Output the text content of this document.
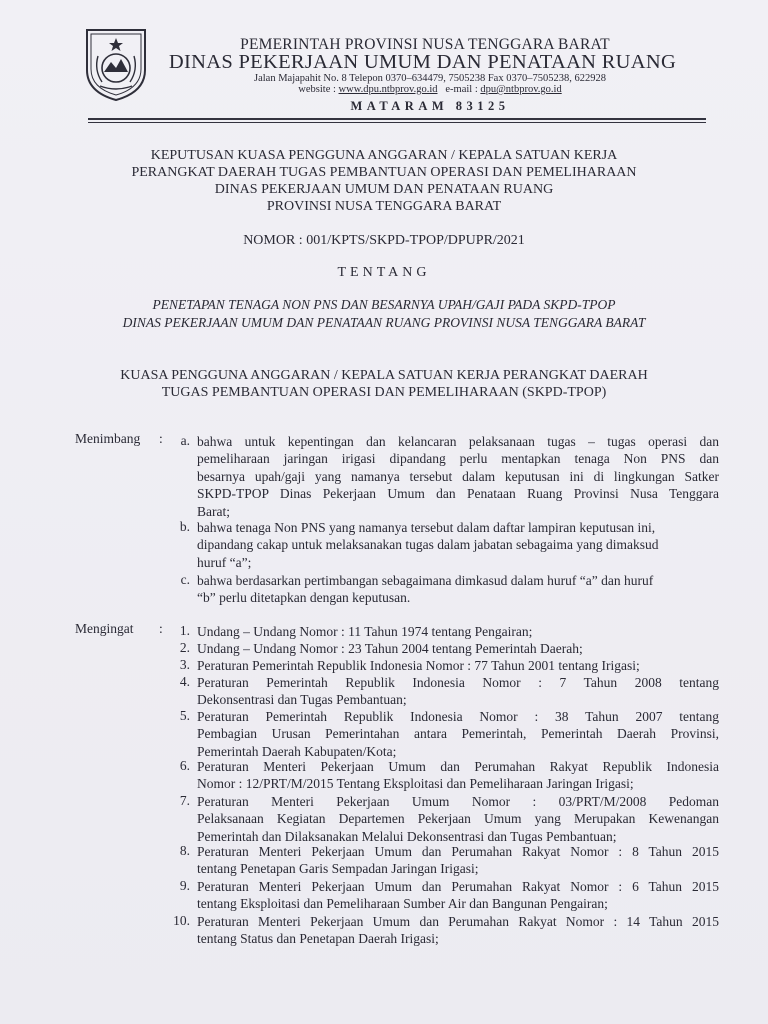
PEMERINTAH PROVINSI NUSA TENGGARA BARAT
DINAS PEKERJAAN UMUM DAN PENATAAN RUANG
Jalan Majapahit No. 8 Telepon 0370–634479, 7505238 Fax 0370–7505238, 622928
website : www.dpu.ntbprov.go.id e-mail : dpu@ntbprov.go.id
MATARAM 83125
KEPUTUSAN KUASA PENGGUNA ANGGARAN / KEPALA SATUAN KERJA
PERANGKAT DAERAH TUGAS PEMBANTUAN OPERASI DAN PEMELIHARAAN
DINAS PEKERJAAN UMUM DAN PENATAAN RUANG
PROVINSI NUSA TENGGARA BARAT
NOMOR : 001/KPTS/SKPD-TPOP/DPUPR/2021
TENTANG
PENETAPAN TENAGA NON PNS DAN BESARNYA UPAH/GAJI PADA SKPD-TPOP
DINAS PEKERJAAN UMUM DAN PENATAAN RUANG PROVINSI NUSA TENGGARA BARAT
KUASA PENGGUNA ANGGARAN / KEPALA SATUAN KERJA PERANGKAT DAERAH
TUGAS PEMBANTUAN OPERASI DAN PEMELIHARAAN (SKPD-TPOP)
Menimbang :	a. bahwa untuk kepentingan dan kelancaran pelaksanaan tugas – tugas operasi dan
pemeliharaan jaringan irigasi dipandang perlu mentapkan tenaga Non PNS dan
besarnya upah/gaji yang namanya tersebut dalam keputusan ini di lingkungan Satker
SKPD-TPOP Dinas Pekerjaan Umum dan Penataan Ruang Provinsi Nusa Tenggara
Barat;
b. bahwa tenaga Non PNS yang namanya tersebut dalam daftar lampiran keputusan ini,
dipandang cakap untuk melaksanakan tugas dalam jabatan sebagaima yang dimaksud
huruf “a”;
c. bahwa berdasarkan pertimbangan sebagaimana dimkasud dalam huruf “a” dan huruf
“b” perlu ditetapkan dengan keputusan.
Mengingat :	1. Undang – Undang Nomor : 11 Tahun 1974 tentang Pengairan;
2. Undang – Undang Nomor : 23 Tahun 2004 tentang Pemerintah Daerah;
3. Peraturan Pemerintah Republik Indonesia Nomor : 77 Tahun 2001 tentang Irigasi;
4. Peraturan Pemerintah Republik Indonesia Nomor : 7 Tahun 2008 tentang
Dekonsentrasi dan Tugas Pembantuan;
5. Peraturan Pemerintah Republik Indonesia Nomor : 38 Tahun 2007 tentang
Pembagian Urusan Pemerintahan antara Pemerintah, Pemerintah Daerah Provinsi,
Pemerintah Daerah Kabupaten/Kota;
6. Peraturan Menteri Pekerjaan Umum dan Perumahan Rakyat Republik Indonesia
Nomor : 12/PRT/M/2015 Tentang Eksploitasi dan Pemeliharaan Jaringan Irigasi;
7. Peraturan Menteri Pekerjaan Umum Nomor : 03/PRT/M/2008 Pedoman
Pelaksanaan Kegiatan Departemen Pekerjaan Umum yang Merupakan Kewenangan
Pemerintah dan Dilaksanakan Melalui Dekonsentrasi dan Tugas Pembantuan;
8. Peraturan Menteri Pekerjaan Umum dan Perumahan Rakyat Nomor : 8 Tahun 2015
tentang Penetapan Garis Sempadan Jaringan Irigasi;
9. Peraturan Menteri Pekerjaan Umum dan Perumahan Rakyat Nomor : 6 Tahun 2015
tentang Eksploitasi dan Pemeliharaan Sumber Air dan Bangunan Pengairan;
10. Peraturan Menteri Pekerjaan Umum dan Perumahan Rakyat Nomor : 14 Tahun 2015
tentang Status dan Penetapan Daerah Irigasi;
